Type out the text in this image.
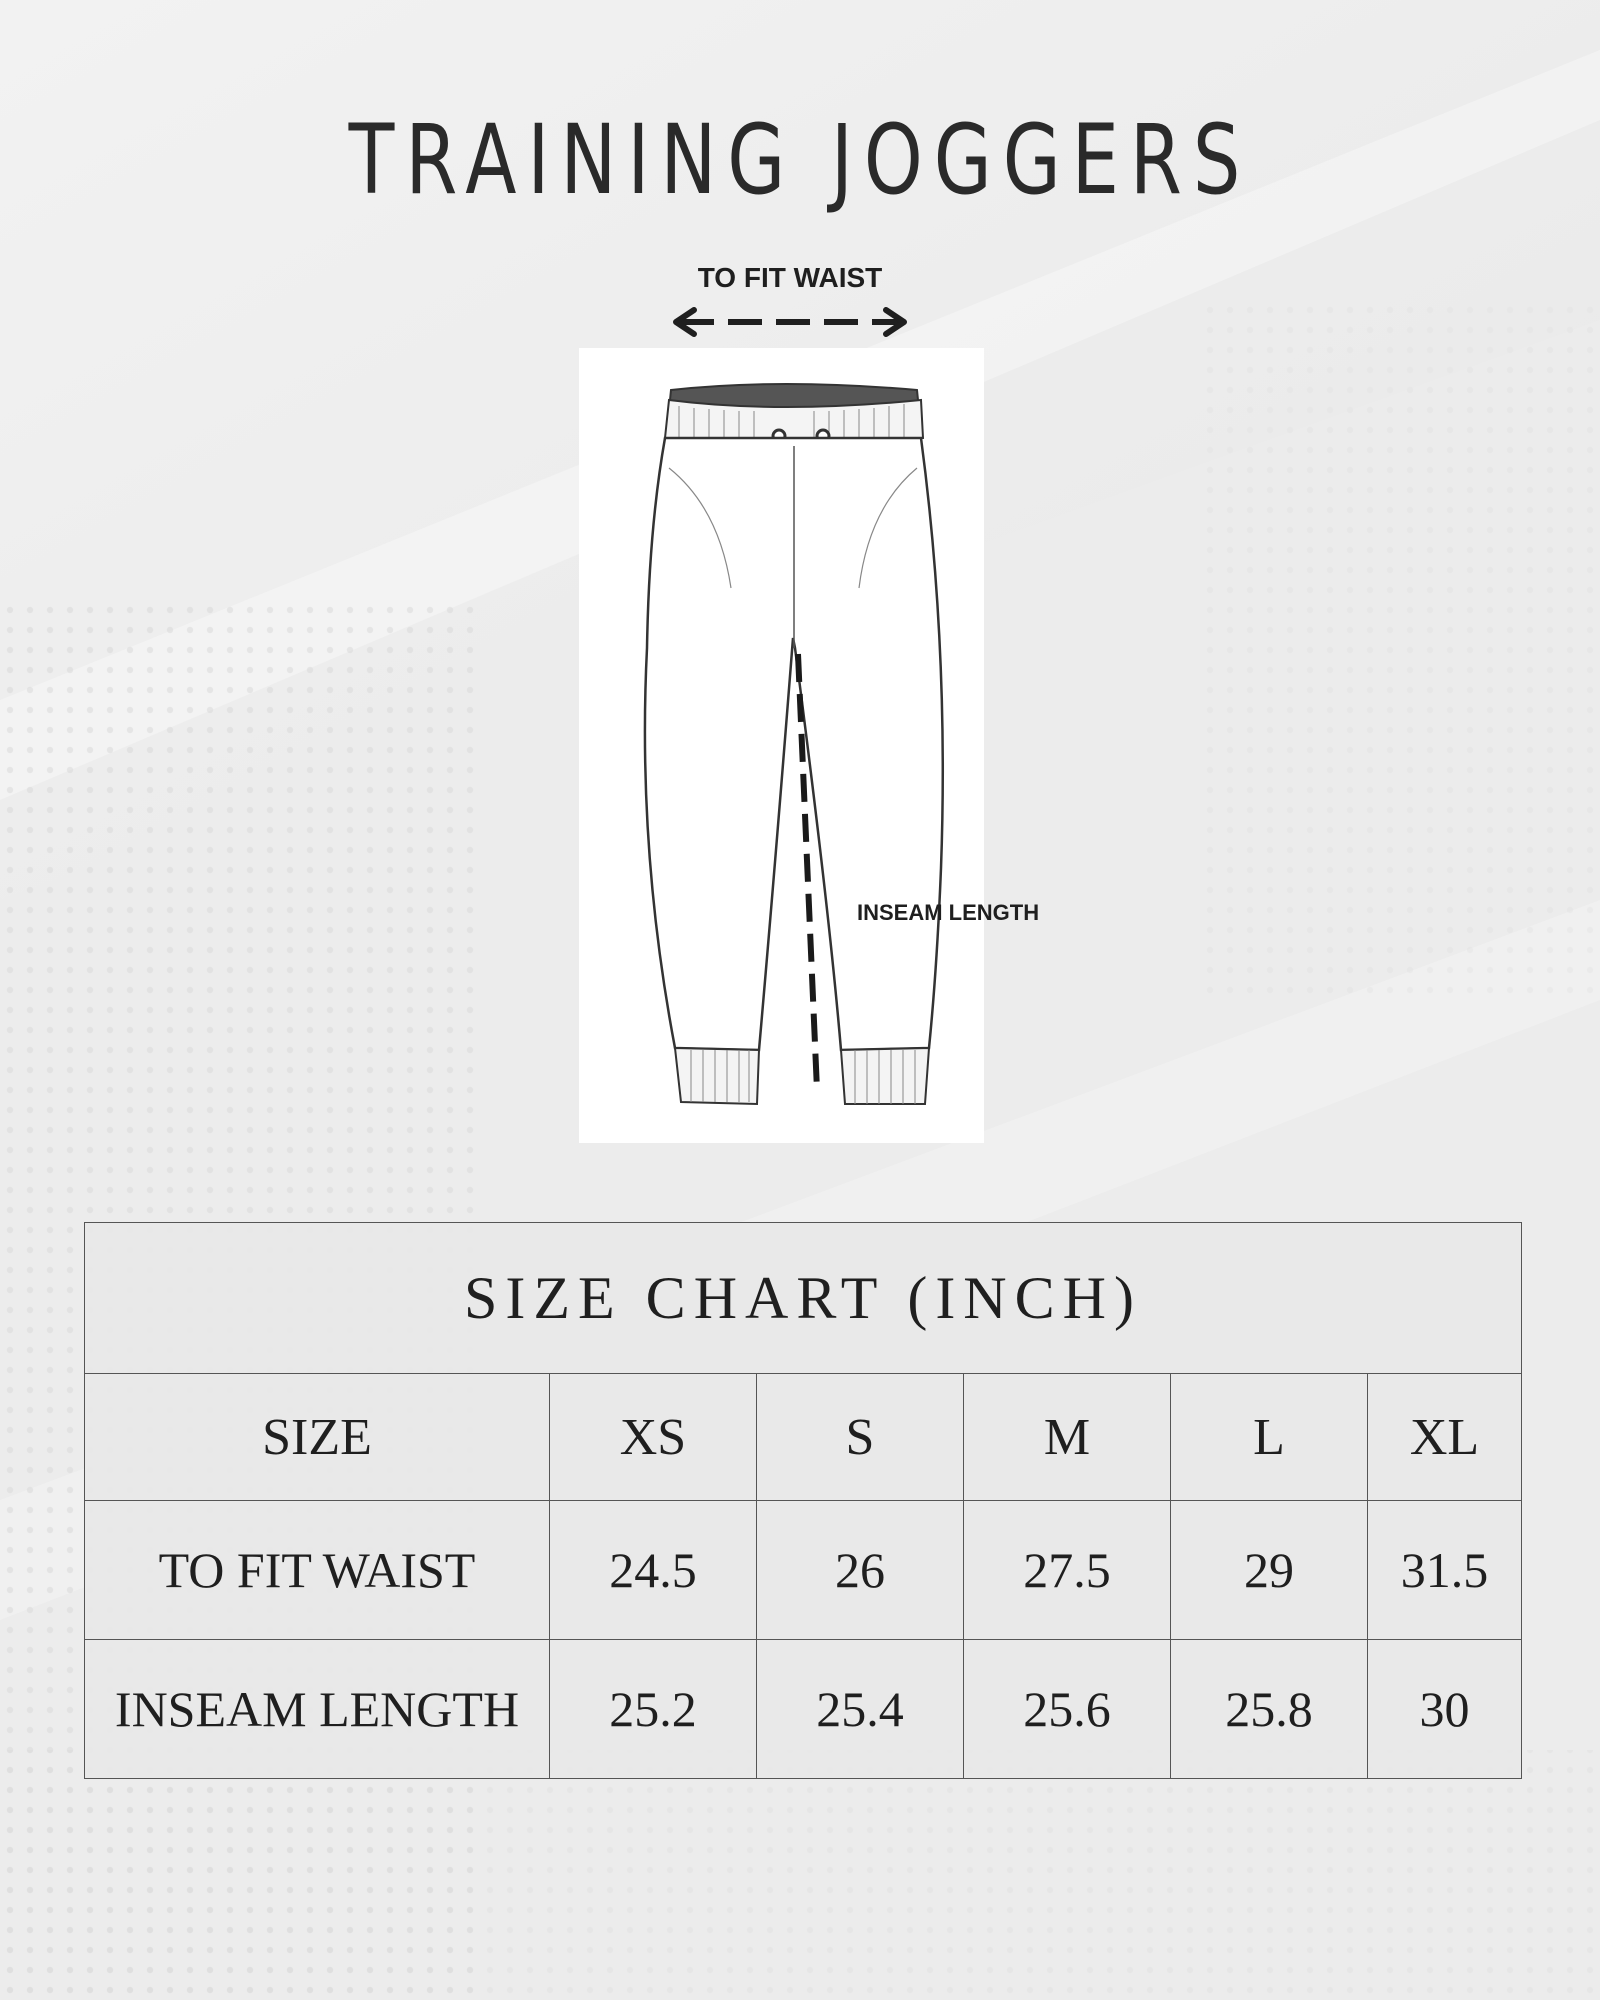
TRAINING JOGGERS
TO FIT WAIST
INSEAM LENGTH
SIZE CHART (INCH)					
SIZE	XS	S	M	L	XL
TO FIT WAIST	24.5	26	27.5	29	31.5
INSEAM LENGTH	25.2	25.4	25.6	25.8	30
